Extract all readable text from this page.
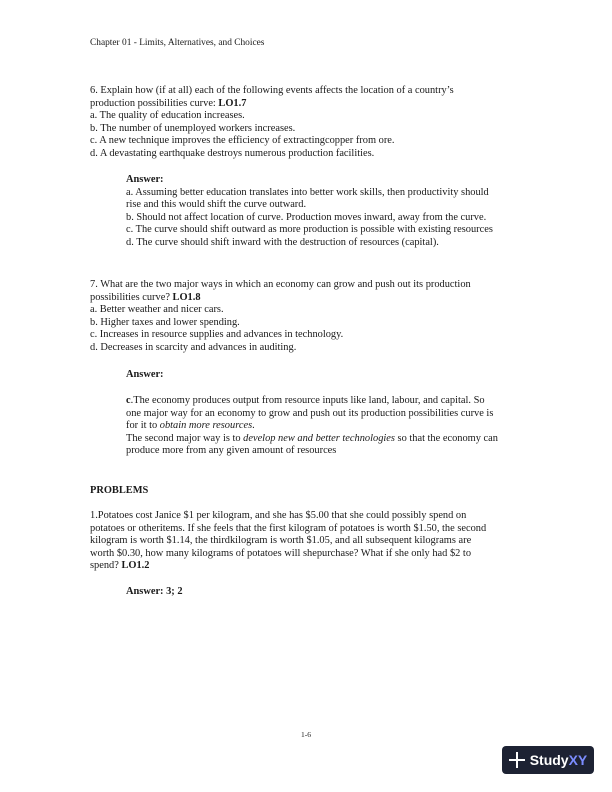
Chapter 01 - Limits, Alternatives, and Choices
6. Explain how (if at all) each of the following events affects the location of a country’s
production possibilities curve: LO1.7
a. The quality of education increases.
b. The number of unemployed workers increases.
c. A new technique improves the efficiency of extractingcopper from ore.
d. A devastating earthquake destroys numerous production facilities.
Answer:
a. Assuming better education translates into better work skills, then productivity should
rise and this would shift the curve outward.
b. Should not affect location of curve. Production moves inward, away from the curve.
c. The curve should shift outward as more production is possible with existing resources
d. The curve should shift inward with the destruction of resources (capital).
7. What are the two major ways in which an economy can grow and push out its production
possibilities curve? LO1.8
a. Better weather and nicer cars.
b. Higher taxes and lower spending.
c. Increases in resource supplies and advances in technology.
d. Decreases in scarcity and advances in auditing.
Answer:
c.The economy produces output from resource inputs like land, labour, and capital. So
one major way for an economy to grow and push out its production possibilities curve is
for it to obtain more resources.
The second major way is to develop new and better technologies so that the economy can
produce more from any given amount of resources
PROBLEMS
1.Potatoes cost Janice $1 per kilogram, and she has $5.00 that she could possibly spend on
potatoes or otheritems. If she feels that the first kilogram of potatoes is worth $1.50, the second
kilogram is worth $1.14, the thirdkilogram is worth $1.05, and all subsequent kilograms are
worth $0.30, how many kilograms of potatoes will shepurchase? What if she only had $2 to
spend? LO1.2
Answer: 3; 2
1-6
StudyXY
